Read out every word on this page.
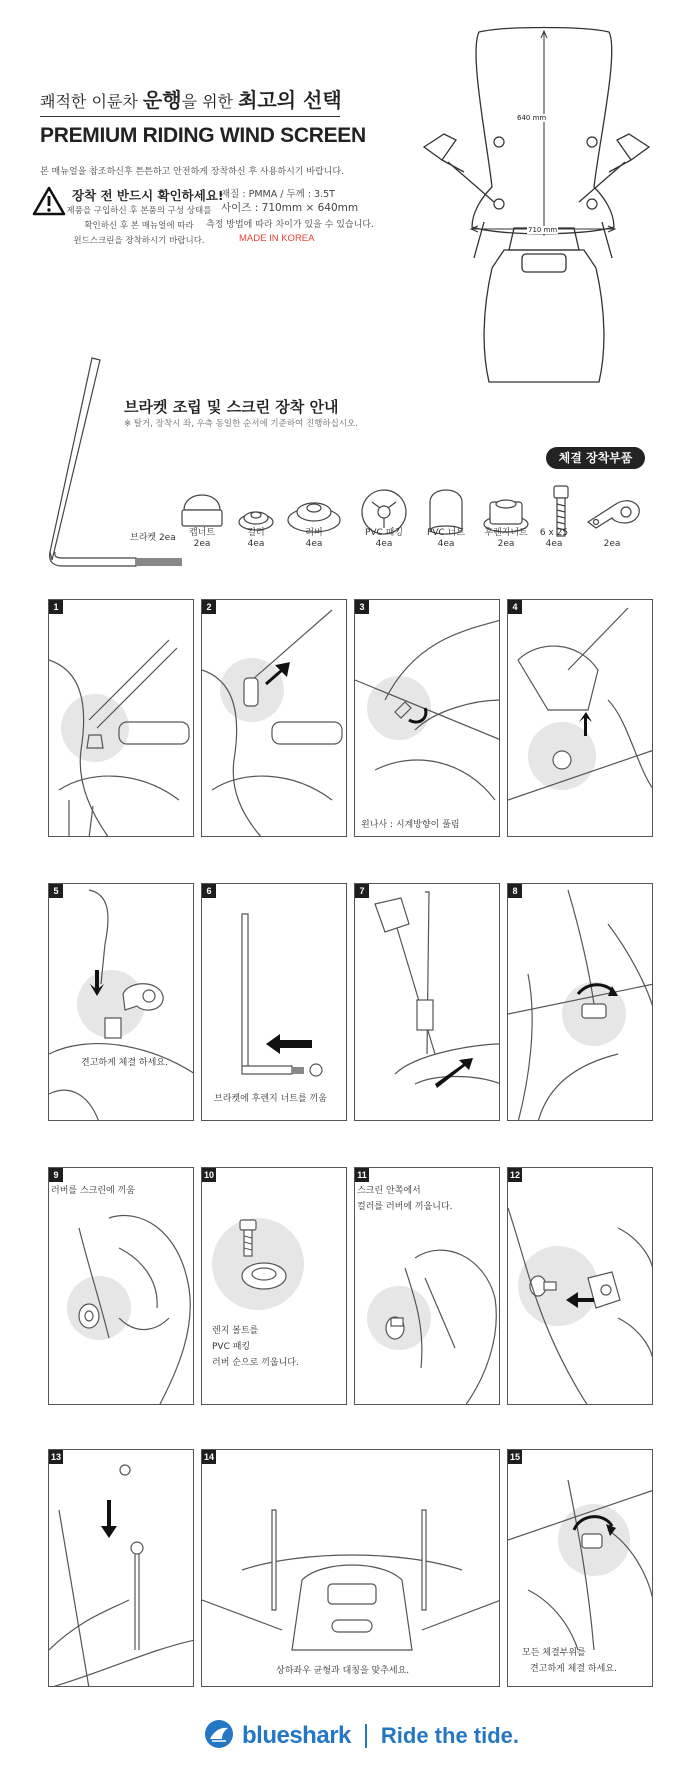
쾌적한 이륜차 운행을 위한 최고의 선택
PREMIUM RIDING WIND SCREEN
본 매뉴얼을 참조하신후 튼튼하고 안전하게 장착하신 후 사용하시기 바랍니다.
장착 전 반드시 확인하세요!
제품을 구입하신 후 본품의 구성 상태를
확인하신 후 본 매뉴얼에 따라
윈드스크린을 장착하시기 바랍니다.
재질 : PMMA / 두께 : 3.5T
사이즈 : 710mm × 640mm
측정 방법에 따라 차이가 있을 수 있습니다.
MADE IN KOREA
640 mm
710 mm
브라켓 2ea
브라켓 조립 및 스크린 장착 안내
※ 탈거, 장착시 좌, 우측 동일한 순서에 기준하여 진행하십시오.
체결 장착부품
캡너트
2ea
컬러
4ea
러버
4ea
PVC 패킹
4ea
PVC 너트
4ea
후렌지너트
2ea
6 x 25
4ea	2ea
1	2
왼나사 : 시계방향이 풀림
3	4
견고하게 체결 하세요.
5
브라켓에 후렌지 너트를 끼움
6	7	8
러버를 스크린에 끼움
9
렌지 볼트를
PVC 패킹
러버 순으로 끼웁니다.
10
스크린 안쪽에서
컬러를 러버에 끼웁니다.
11	12
13
상하좌우 균형과 대칭을 맞추세요.
14
모든 체결부위를
견고하게 체결 하세요.
15
blueshark Ride the tide.
